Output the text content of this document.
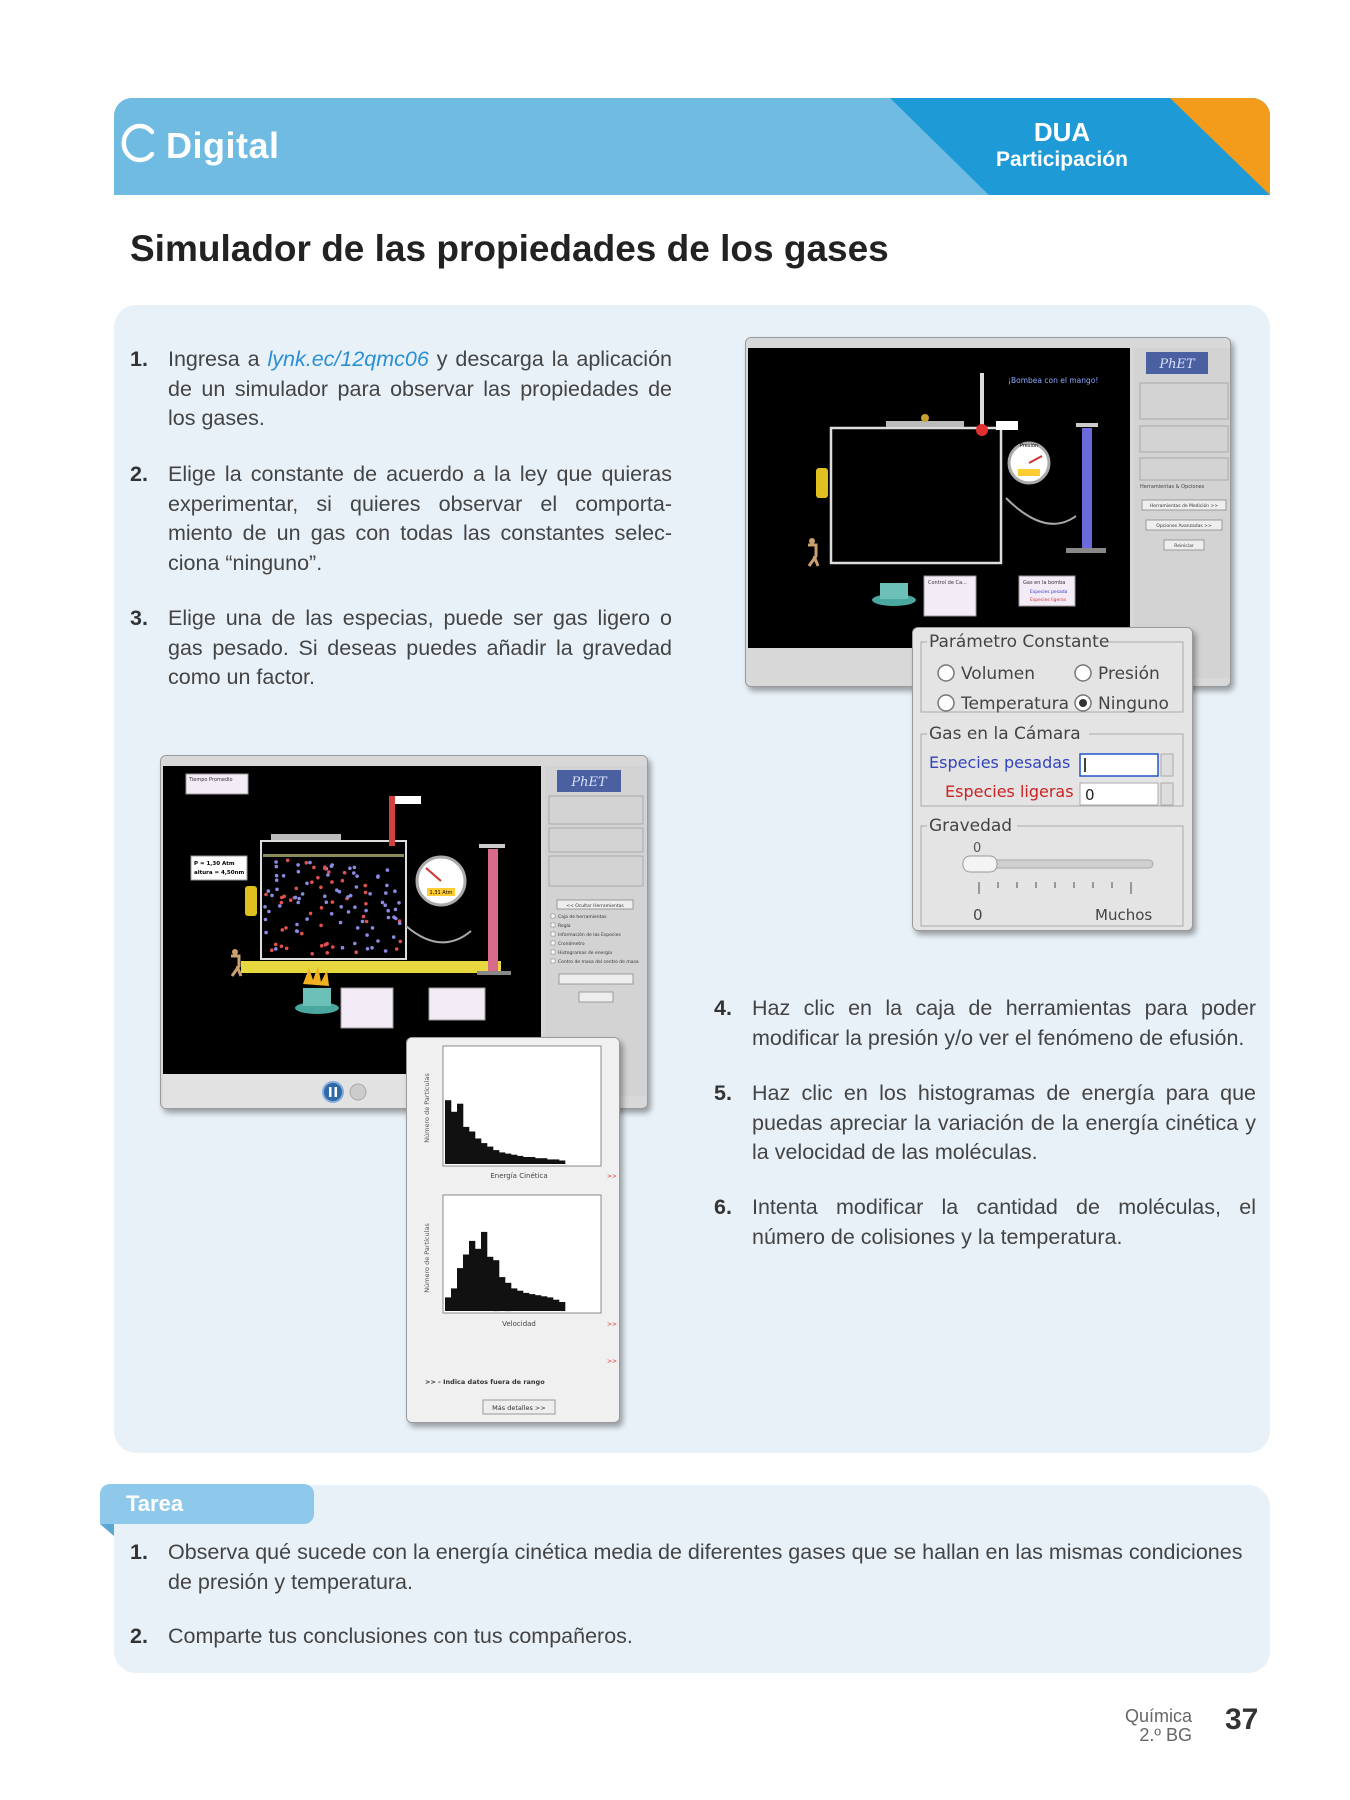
Digital	DUA
Participación
Simulador de las propiedades de los gases
1. Ingresa a lynk.ec/12qmc06 y descarga la aplicación de un simulador para observar las propiedades de los gases.
2. Elige la constante de acuerdo a la ley que quieras experimentar, si quieres observar el comporta-miento de un gas con todas las constantes selec-ciona “ninguno”.
3. Elige una de las especias, puede ser gas ligero o gas pesado. Si deseas puedes añadir la gravedad como un factor.
Presión
Control de Ca...	Gas en la bomba
Especies pesada
Especies ligeras
¡Bombea con el mango!
PhET
Herramientas & Opciones
Herramientas de Medición >>
Opciones Avanzadas >>
Reiniciar
Parámetro Constante
Volumen	Presión
Temperatura Ninguno
Gas en la Cámara
Especies pesadas
Especies ligeras 0
Gravedad
0
0	Muchos
Tiempo Promedio
P = 1,30 Atm
altura = 4,50nm
1,31 Atm
PhET
<< Ocultar Herramientas
Caja de herramientas
Regla
Información de las Especies
Cronómetro
Histogramas de energía
Centro de masa del centro de masa
Número de Partículas
Energía Cinética	>>
Número de Partículas
Velocidad	>>
>>
>> - Indica datos fuera de rango
Más detalles >>
4. Haz clic en la caja de herramientas para poder modificar la presión y/o ver el fenómeno de efusión.
5. Haz clic en los histogramas de energía para que puedas apreciar la variación de la energía cinética y la velocidad de las moléculas.
6. Intenta modificar la cantidad de moléculas, el número de colisiones y la temperatura.
Tarea
1. Observa qué sucede con la energía cinética media de diferentes gases que se hallan en las mismas condiciones de presión y temperatura.
2. Comparte tus conclusiones con tus compañeros.
Química
2.º BG 37
